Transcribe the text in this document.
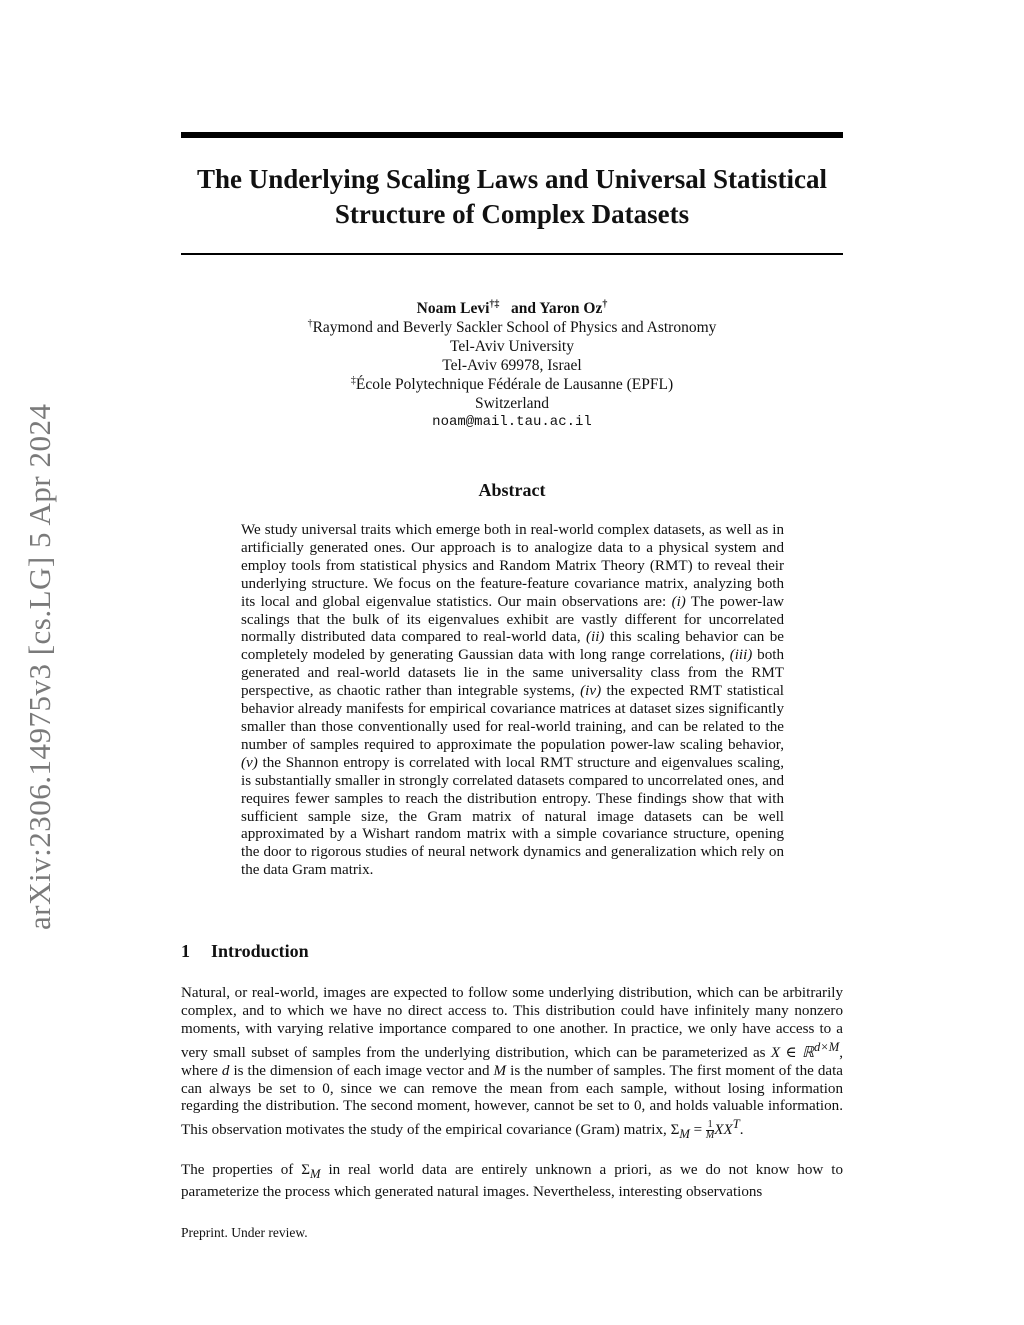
arXiv:2306.14975v3 [cs.LG] 5 Apr 2024
The Underlying Scaling Laws and Universal Statistical
Structure of Complex Datasets
Noam Levi†‡ and Yaron Oz†
†Raymond and Beverly Sackler School of Physics and Astronomy
Tel-Aviv University
Tel-Aviv 69978, Israel
‡École Polytechnique Fédérale de Lausanne (EPFL)
Switzerland
noam@mail.tau.ac.il
Abstract

We study universal traits which emerge both in real-world complex datasets, as well as in artificially generated ones. Our approach is to analogize data to a physical system and employ tools from statistical physics and Random Matrix Theory (RMT) to reveal their underlying structure. We focus on the feature-feature covariance matrix, analyzing both its local and global eigenvalue statistics. Our main observations are: (i) The power-law scalings that the bulk of its eigenvalues exhibit are vastly different for uncorrelated normally distributed data compared to real-world data, (ii) this scaling behavior can be completely modeled by generating Gaussian data with long range correlations, (iii) both generated and real-world datasets lie in the same universality class from the RMT perspective, as chaotic rather than integrable systems, (iv) the expected RMT statistical behavior already manifests for empirical covariance matrices at dataset sizes significantly smaller than those conventionally used for real-world training, and can be related to the number of samples required to approximate the population power-law scaling behavior, (v) the Shannon entropy is correlated with local RMT structure and eigenvalues scaling, is substantially smaller in strongly correlated datasets compared to uncorrelated ones, and requires fewer samples to reach the distribution entropy. These findings show that with sufficient sample size, the Gram matrix of natural image datasets can be well approximated by a Wishart random matrix with a simple covariance structure, opening the door to rigorous studies of neural network dynamics and generalization which rely on the data Gram matrix.

1 Introduction

Natural, or real-world, images are expected to follow some underlying distribution, which can be arbitrarily complex, and to which we have no direct access to. This distribution could have infinitely many nonzero moments, with varying relative importance compared to one another. In practice, we only have access to a very small subset of samples from the underlying distribution, which can be parameterized as X ∈ ℝ$^{d\times M}$, where d is the dimension of each image vector and M is the number of samples. The first moment of the data can always be set to 0, since we can remove the mean from each sample, without losing information regarding the distribution. The second moment, however, cannot be set to 0, and holds valuable information. This observation motivates the study of the empirical covariance (Gram) matrix, $\Sigma_M = \frac{1}{M} XX^T$.

The properties of $\Sigma_M$ in real world data are entirely unknown a priori, as we do not know how to parameterize the process which generated natural images. Nevertheless, interesting observations

Preprint. Under review.
